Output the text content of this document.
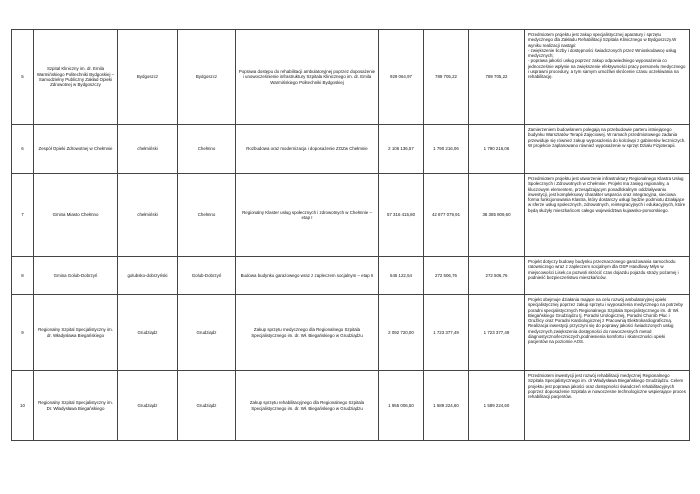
5	Szpital Kliniczny im. dr. Emila Warmińskiego Politechniki Bydgoskiej – Samodzielny Publiczny Zakład Opieki Zdrowotnej w Bydgoszczy	Bydgoszcz	Bydgoszcz	Poprawa dostępu do rehabilitacji ambulatoryjnej poprzez doposażenie i unowocześnienie infrastruktury Szpitala Klinicznego im. dr. Emila Warmińskiego Politechniki Bydgoskiej	929 064,97	789 705,22	789 705,22	Przedmiotem projektu jest zakup specjalistycznej aparatury i sprzętu medycznego dla Zakładu Rehabilitacji Szpitala Klinicznego w Bydgoszczy.W wyniku realizacji nastąpi:
- zwiększenie liczby i dostępności świadczonych przez Wnioskodawcę usług medycznych;
- poprawa jakości usług poprzez zakup odpowiedniego wyposażenia co jednocześnie wpłynie na zwiększenie efektywności pracy personelu medycznego i usprawni procedury, a tym samym umożliwi skrócenie czasu oczekiwania na rehabilitację.
6	Zespół Opieki Zdrowotnej w Chełmnie	chełmiński	Chełmno	Rozbudowa oraz modernizacja i doposażenie ZOZw Chełmnie	2 106 136,57	1 790 216,06	1 790 216,06	Zamierzeniem budowlanem polegają na przebudowie parteru istniejącego budynku Warsztatów Terapii Zajęciowej. W ramach przedmiotowego zadania przewiduje się również zakup wyposażenia do kolcówpi z gabinetów leczniczych. W projekcie zaplanowano również wyposażenie w sprzęt Działu Fizjoterapii.
7	Gmina Miasto Chełmno	chełmiński	Chełmno	Regionalny Klaster usług społecznych i zdrowotnych w Chełmnie – etap I	57 316 415,80	42 877 079,91	38 385 809,60	Przedmiotem projektu jest utworzenie infrastruktury Regionalnego Klastra Usług Społecznych i Zdrowotnych w Chełmnie. Projekt ma zasięg regionalny, a kluczowym elementem, przesądzającym ponadlokalnym oddziaływaniu inwestycji, jest kompleksowy charakter wsparcia oraz integracyjna, sieciowa forma funkcjonowania Klastra, który dostarczy usługi będzie podmiotu działające w sferze usług społecznych, zdrowotnych, reintegracyjnych i edukacyjnych, które będą służyły mieszkańcom całego województwa kujawsko-pomorskiego.
8	Gmina Golub-Dobrzyń	golubsko-dobrzyński	Golub-Dobrzyń	Budowa budynku garażowego wraz z zapleczem socjalnym – etap II	545 122,54	272 506,76	272 506,76	Projekt dotyczy budowy budynku przeznaczonego garażowania samochodu ratowniczego wraz z zapleczem socjalnym dla OSP Handlowy Młyn w miejscowości Lisek,co pozwoli skrócić czas dojazdu pojazdu straży pożarnej i podnieść bezpieczeństwo mieszkańców.
9	Regionalny Szpital Specjalistyczny im. dr. Władysława Biegańskiego	Grudziądz	Grudziądz	Zakup sprzętu medycznego dla Regionalnego Szpitala Specjalistycznego im. dr. Wł. Biegańskiego w Grudziądzu	2 092 720,00	1 723 377,49	1 723 377,49	Projekt obejmuje działania mające na celu rozwój ambulatoryjnej opieki specjalistycznej poprzez zakup sprzętu i wyposażenia medycznego na potrzeby poradni specjalistycznych Regionalnego Szpitala Specjalistycznego im. dr Wł. Biegańskiego Grudziądzu tj. Poradni Urologicznej, Poradni Chorób Płuc i Gruźlicy oraz Poradni Kardiologicznej z Pracownią Elektrokardiograficzną. Realizacja inwestycji przyczyni się do poprawy jakości świadczonych usług medycznych,zwiększenia dostępności do nowoczesnych metod diagnostyczno/leczniczych,podniesienia komfortu i skuteczności opieki pacjentów na poziomie AOS.
10	Regionalny Szpital Specjalistyczny im. Dr. Władysława Biegańskiego	Grudziądz	Grudziądz	Zakup sprzętu rehabilitacyjnego dla Regionalnego Szpitala Specjalistycznego im. dr. Wł. Biegańskiego w Grudziądzu	1 955 006,50	1 589 224,60	1 589 224,60	Przedmiotem inwestycji jest rozwój rehabilitacji medycznej Regionalnego Szpitala Specjalistycznego im. dr Władysława Biegańskiego Grudziądzu. Celem projektu jest poprawa jakości oraz dostępności świadczeń rehabilitacyjnych poprzez doposażenie Szpitala w nowoczesne technologiczne wspierające proces rehabilitacji pacjentów.
